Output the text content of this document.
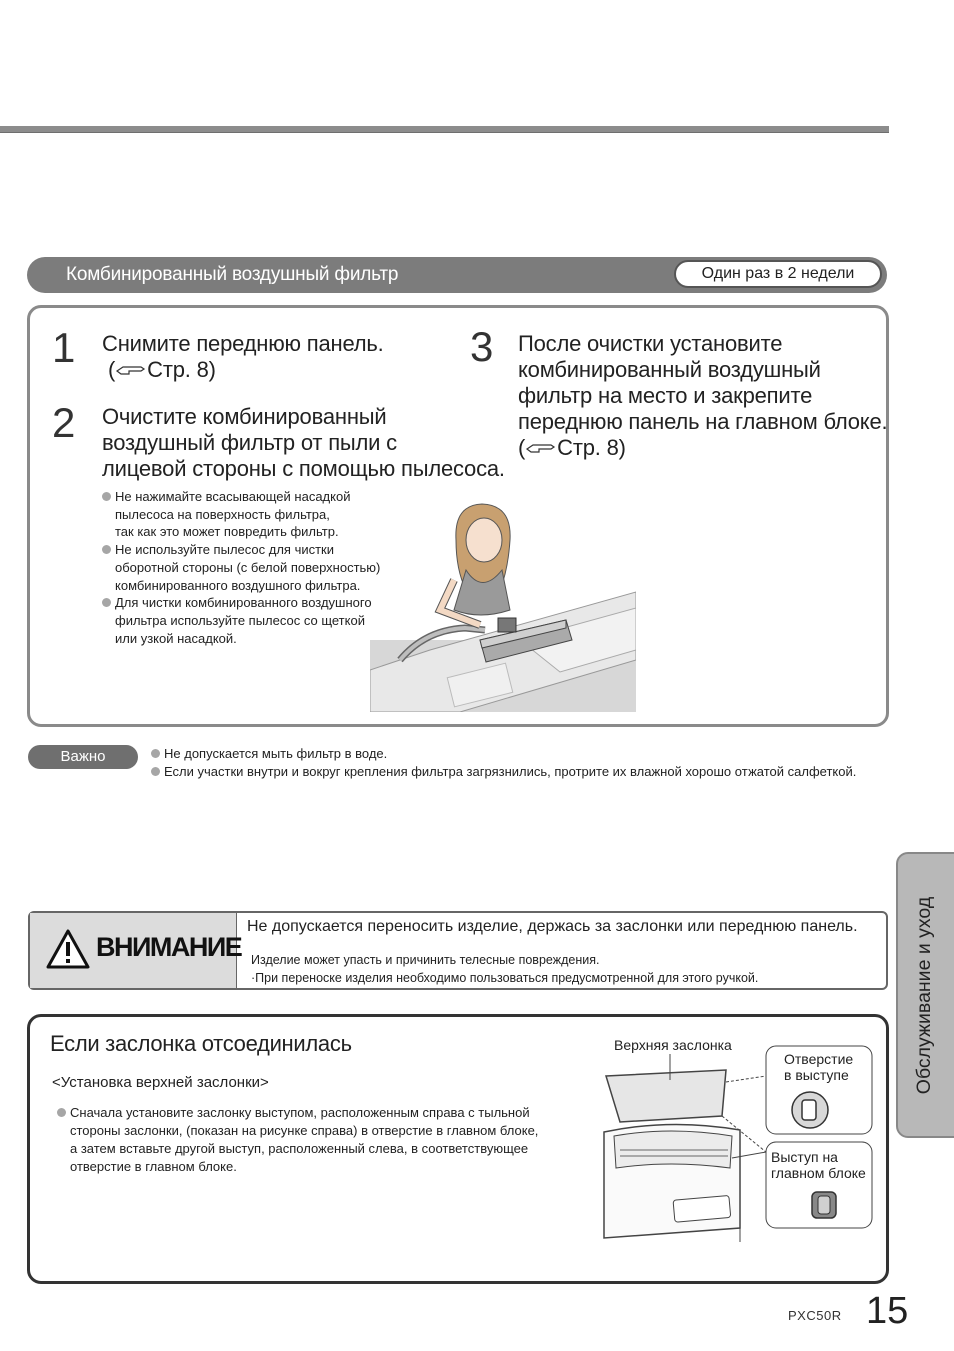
Комбинированный воздушный фильтр	Один раз в 2 недели
1 Снимите переднюю панель.
( Стр. 8)
2 Очистите комбинированный
воздушный фильтр от пыли с
лицевой стороны с помощью пылесоса.
Не нажимайте всасывающей насадкой
пылесоса на поверхность фильтра,
так как это может повредить фильтр.
Не используйте пылесос для чистки
оборотной стороны (с белой поверхностью)
комбинированного воздушного фильтра.
Для чистки комбинированного воздушного
фильтра используйте пылесос со щеткой
или узкой насадкой.
3 После очистки установите
комбинированный воздушный
фильтр на место и закрепите
переднюю панель на главном блоке.
( Стр. 8)
Важно	Не допускается мыть фильтр в воде.
Если участки внутри и вокруг крепления фильтра загрязнились, протрите их влажной хорошо отжатой салфеткой.
ВНИМАНИЕ
Не допускается переносить изделие, держась за заслонки или переднюю панель.
Изделие может упасть и причинить телесные повреждения.
·При переноске изделия необходимо пользоваться предусмотренной для этого ручкой.
Если заслонка отсоединилась
<Установка верхней заслонки>
Сначала установите заслонку выступом, расположенным справа с тыльной
стороны заслонки, (показан на рисунке справа) в отверстие в главном блоке,
а затем вставьте другой выступ, расположенный слева, в соответствующее
отверстие в главном блоке.
Верхняя заслонка
Отверстие
в выступе
Выступ на
главном блоке
Обслуживание и уход
PXC50R 15
